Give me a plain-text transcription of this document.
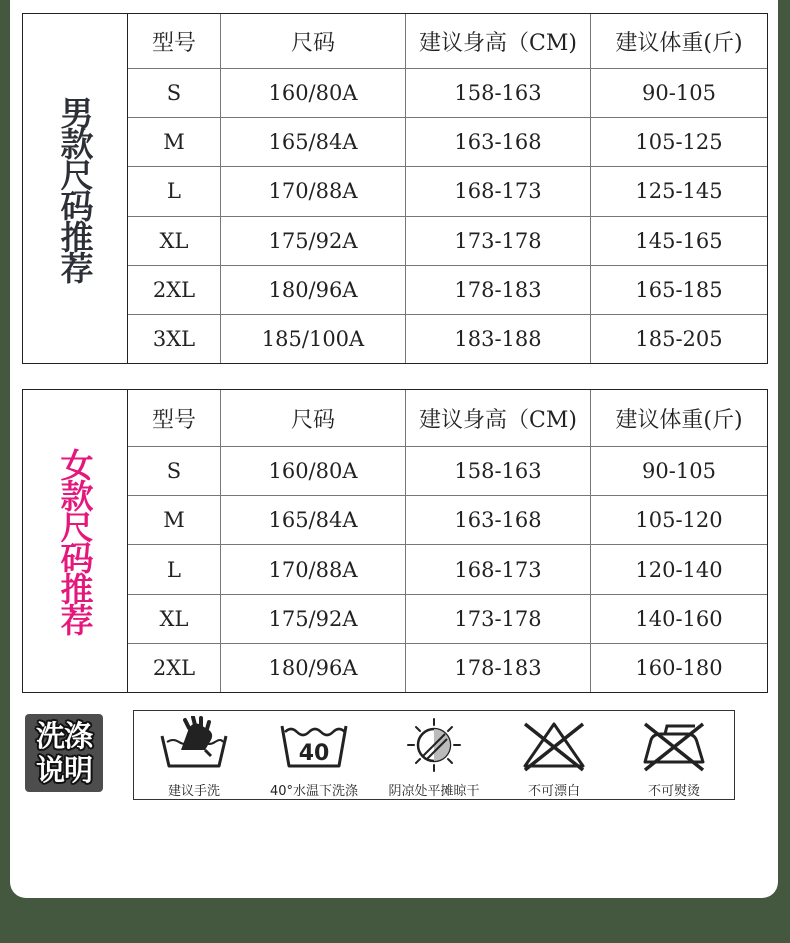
男款尺码推荐
型号	尺码	建议身高（CM)	建议体重(斤)
S	160/80A	158-163	90-105
M	165/84A	163-168	105-125
L	170/88A	168-173	125-145
XL	175/92A	173-178	145-165
2XL	180/96A	178-183	165-185
3XL	185/100A	183-188	185-205
女款尺码推荐
型号	尺码	建议身高（CM)	建议体重(斤)
S	160/80A	158-163	90-105
M	165/84A	163-168	105-120
L	170/88A	168-173	120-140
XL	175/92A	173-178	140-160
2XL	180/96A	178-183	160-180
洗涤
说明
建议手洗
40
40°水温下洗涤 阴凉处平摊晾干	不可漂白	不可熨烫
